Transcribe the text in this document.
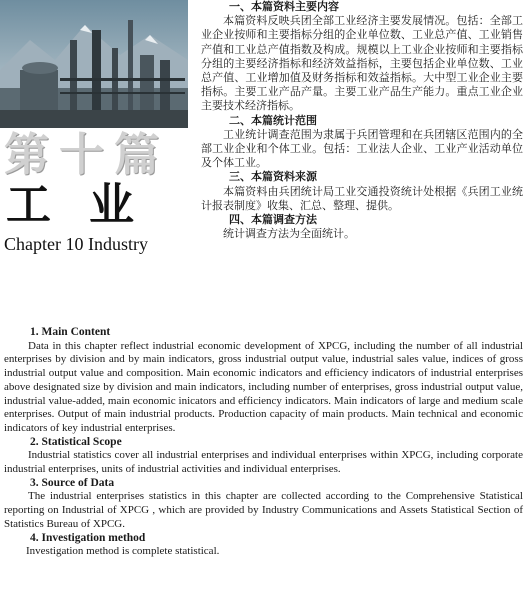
第十篇
工业
Chapter 10 Industry

一、本篇资料主要内容

本篇资料反映兵团全部工业经济主要发展情况。包括：全部工业企业按师和主要指标分组的企业单位数、工业总产值、工业销售产值和工业总产值指数及构成。规模以上工业企业按师和主要指标分组的主要经济指标和经济效益指标，主要包括企业单位数、工业总产值、工业增加值及财务指标和效益指标。大中型工业企业主要指标。主要工业产品产量。主要工业产品生产能力。重点工业企业主要技术经济指标。

二、本篇统计范围

工业统计调查范围为隶属于兵团管理和在兵团辖区范围内的全部工业企业和个体工业。包括：工业法人企业、工业产业活动单位及个体工业。

三、本篇资料来源

本篇资料由兵团统计局工业交通投资统计处根据《兵团工业统计报表制度》收集、汇总、整理、提供。

四、本篇调查方法

统计调查方法为全面统计。

1. Main Content

Data in this chapter reflect industrial economic development of XPCG, including the number of all industrial enterprises by division and by main indicators, gross industrial output value, industrial sales value, indices of gross industrial output value and composition. Main economic indicators and efficiency indicators of industrial enterprises above designated size by division and main indicators, including number of enterprises, gross industrial output value, industrial value-added, main economic inicators and efficiency indicators. Main indicators of large and medium scale enterprises. Output of main industrial products. Production capacity of main products. Main technical and economic indicators of key industrial enterprises.

2. Statistical Scope

Industrial statistics cover all industrial enterprises and individual enterprises within XPCG, including corporate industrial enterprises, units of industrial activities and individual enterprises.

3. Source of Data

The industrial enterprises statistics in this chapter are collected according to the Comprehensive Statistical reporting on Industrial of XPCG , which are provided by Industry Communications and Assets Statistical Section of Statistics Bureau of XPCG.

4. Investigation method

Investigation method is complete statistical.
